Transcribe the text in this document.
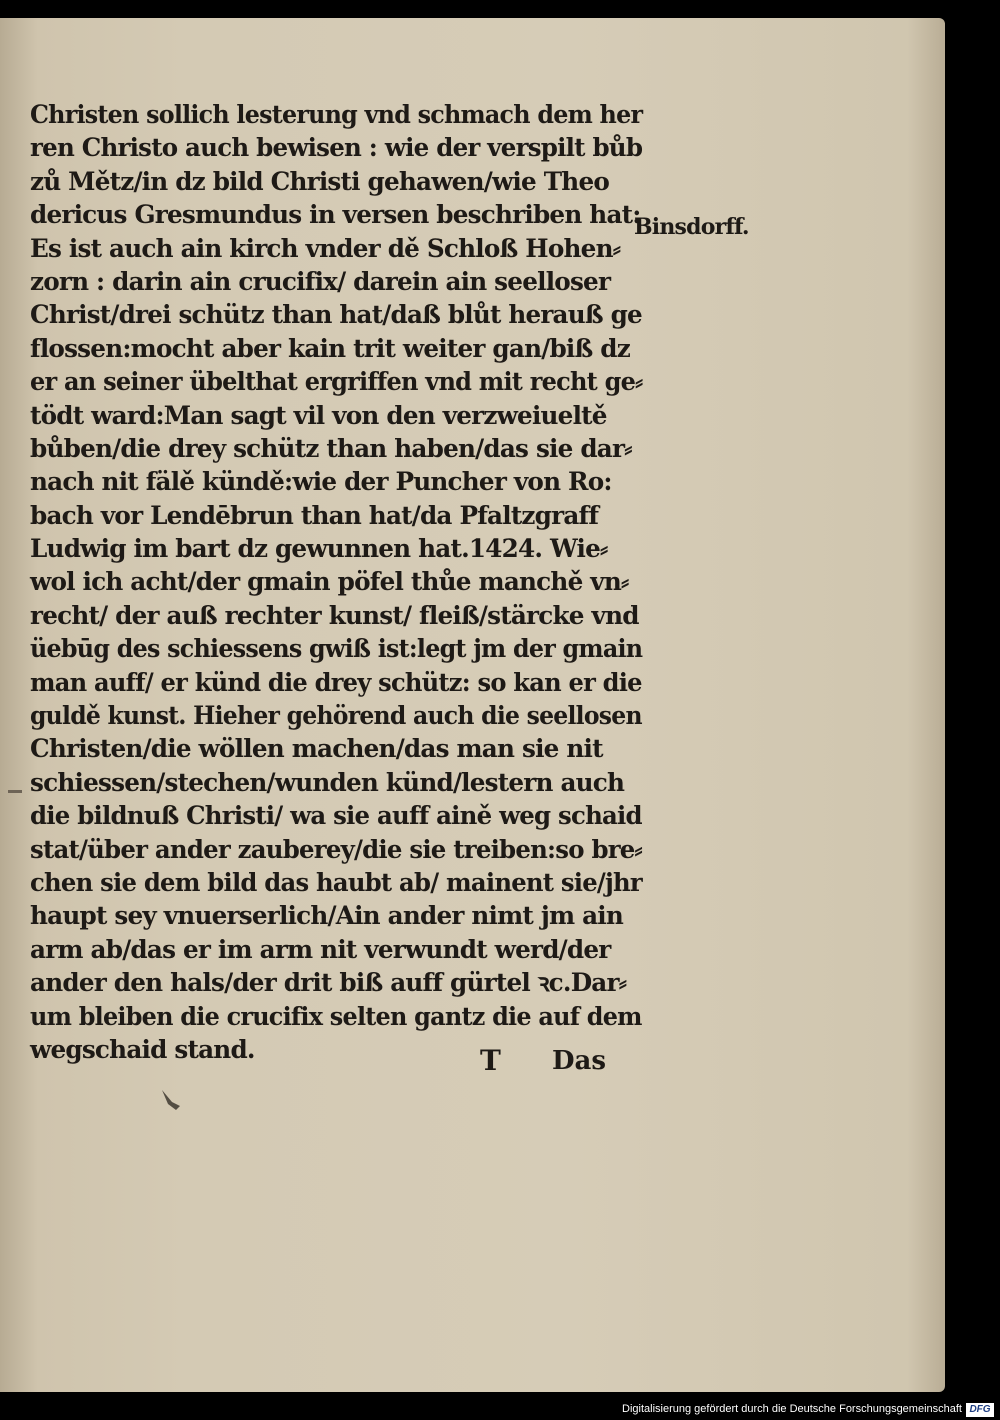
Christen sollich lesterung vnd schmach dem her
ren Christo auch bewisen : wie der verspilt bůb
zů Mětz/in dz bild Christi gehawen/wie Theo
dericus Gresmundus in versen beschriben hat:
Es ist auch ain kirch vnder dě Schloß Hohen⸗
zorn : darin ain crucifix/ darein ain seelloser
Christ/drei schütz than hat/daß blůt herauß ge
flossen:mocht aber kain trit weiter gan/biß dz
er an seiner übelthat ergriffen vnd mit recht ge⸗
tödt ward:Man sagt vil von den verzweiueltě
bůben/die drey schütz than haben/das sie dar⸗
nach nit fälě kündě:wie der Puncher von Ro:
bach vor Lendēbrun than hat/da Pfaltzgraff
Ludwig im bart dz gewunnen hat.1424. Wie⸗
wol ich acht/der gmain pöfel thůe manchě vn⸗
recht/ der auß rechter kunst/ fleiß/stärcke vnd
üebūg des schiessens gwiß ist:legt jm der gmain
man auff/ er künd die drey schütz: so kan er die
guldě kunst. Hieher gehörend auch die seellosen
Christen/die wöllen machen/das man sie nit
schiessen/stechen/wunden künd/lestern auch
die bildnuß Christi/ wa sie auff aině weg schaid
stat/über ander zauberey/die sie treiben:so bre⸗
chen sie dem bild das haubt ab/ mainent sie/jhr
haupt sey vnuerserlich/Ain ander nimt jm ain
arm ab/das er im arm nit verwundt werd/der
ander den hals/der drit biß auff gürtel ꝛc.Dar⸗
um bleiben die crucifix selten gantz die auf dem
wegschaid stand.
Binsdorff.
T Das
Digitalisierung gefördert durch die Deutsche Forschungsgemeinschaft DFG
